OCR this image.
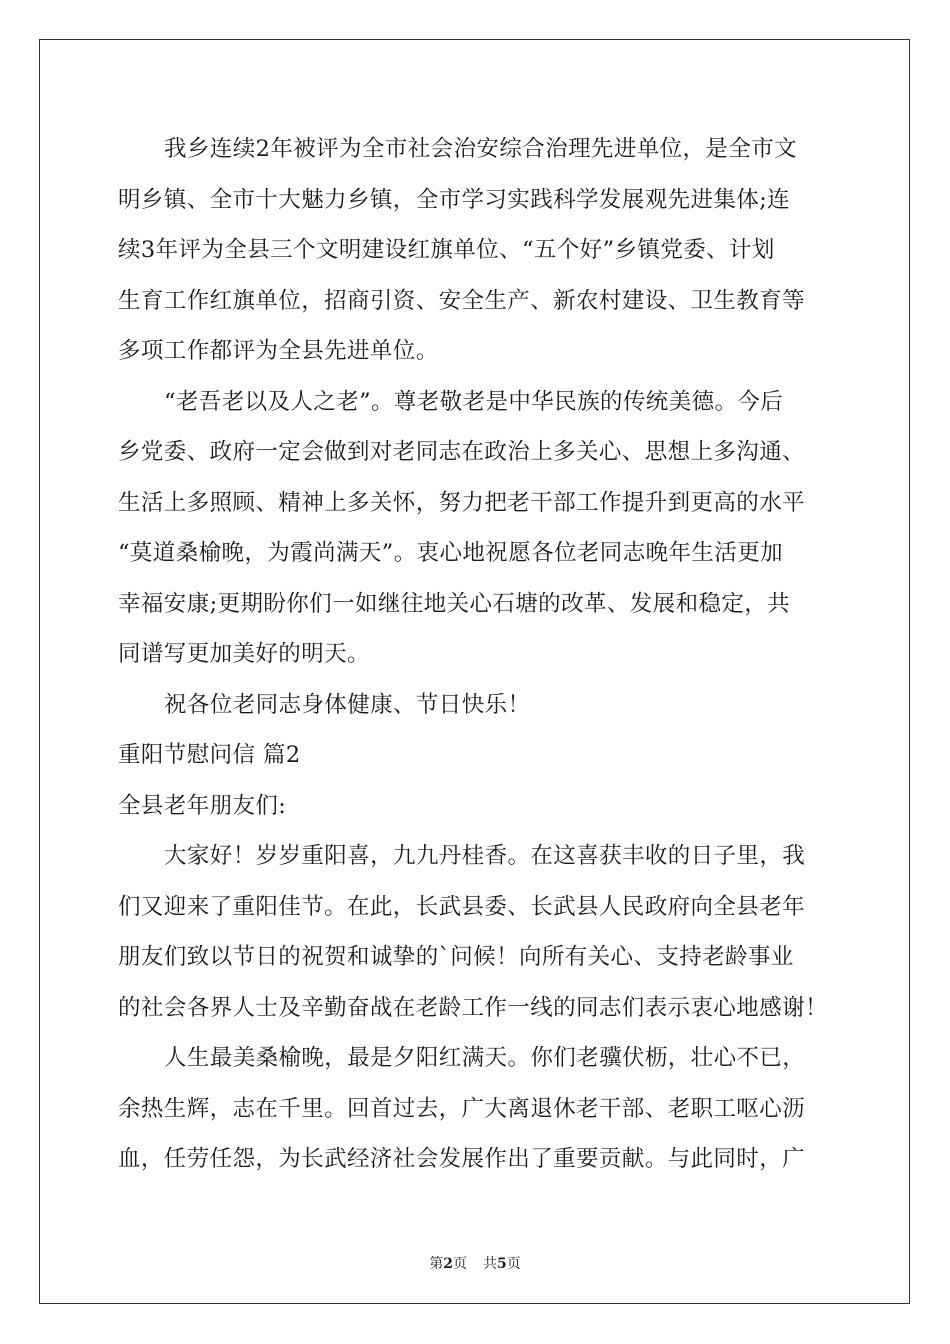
我乡连续2年被评为全市社会治安综合治理先进单位，是全市文
明乡镇、全市十大魅力乡镇，全市学习实践科学发展观先进集体;连
续3年评为全县三个文明建设红旗单位、“五个好”乡镇党委、计划
生育工作红旗单位，招商引资、安全生产、新农村建设、卫生教育等
多项工作都评为全县先进单位。
“老吾老以及人之老”。尊老敬老是中华民族的传统美德。今后
乡党委、政府一定会做到对老同志在政治上多关心、思想上多沟通、
生活上多照顾、精神上多关怀，努力把老干部工作提升到更高的水平
“莫道桑榆晚，为霞尚满天”。衷心地祝愿各位老同志晚年生活更加
幸福安康;更期盼你们一如继往地关心石塘的改革、发展和稳定，共
同谱写更加美好的明天。
祝各位老同志身体健康、节日快乐！
重阳节慰问信 篇2
全县老年朋友们:
大家好！岁岁重阳喜，九九丹桂香。在这喜获丰收的日子里，我
们又迎来了重阳佳节。在此，长武县委、长武县人民政府向全县老年
朋友们致以节日的祝贺和诚挚的`问候！向所有关心、支持老龄事业
的社会各界人士及辛勤奋战在老龄工作一线的同志们表示衷心地感谢！
人生最美桑榆晚，最是夕阳红满天。你们老骥伏枥，壮心不已，
余热生辉，志在千里。回首过去，广大离退休老干部、老职工呕心沥
血，任劳任怨，为长武经济社会发展作出了重要贡献。与此同时，广
第2页 共5页
